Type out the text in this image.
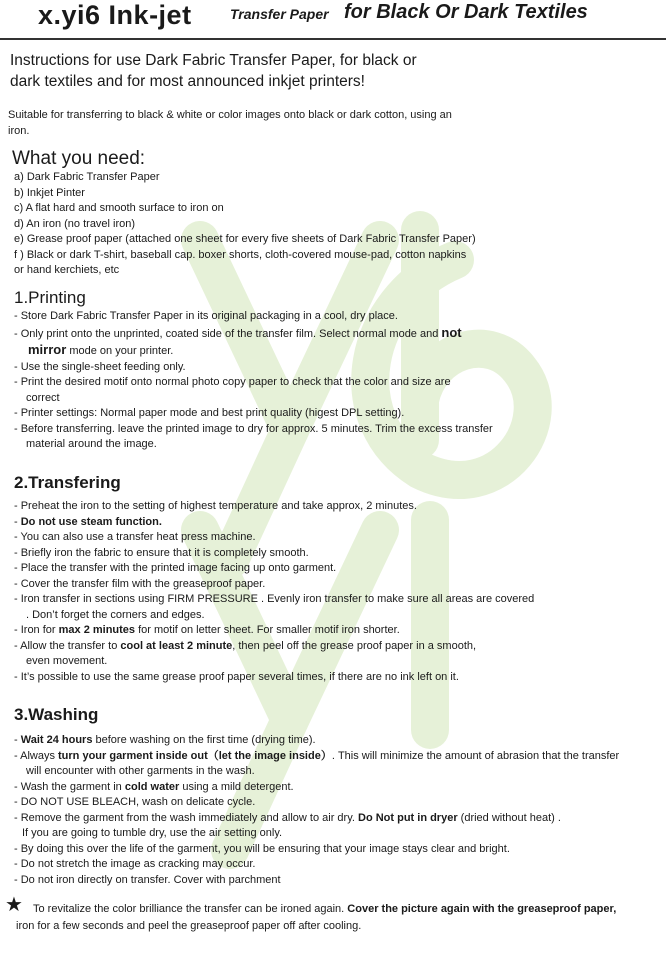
x.yi6 Ink-jet	Transfer Paper for Black Or Dark Textiles
Instructions for use Dark Fabric Transfer Paper, for black or
dark textiles and for most announced inkjet printers!
Suitable for transferring to black & white or color images onto black or dark cotton, using an
iron.
What you need:
a) Dark Fabric Transfer Paper
b) Inkjet Pinter
c) A flat hard and smooth surface to iron on
d) An iron (no travel iron)
e) Grease proof paper (attached one sheet for every five sheets of Dark Fabric Transfer Paper)
f ) Black or dark T-shirt, baseball cap. boxer shorts, cloth-covered mouse-pad, cotton napkins
or hand kerchiets, etc
1.Printing
- Store Dark Fabric Transfer Paper in its original packaging in a cool, dry place.
- Only print onto the unprinted, coated side of the transfer film. Select normal mode and not
mirror mode on your printer.
- Use the single-sheet feeding only.
- Print the desired motif onto normal photo copy paper to check that the color and size are
correct
- Printer settings: Normal paper mode and best print quality (higest DPL setting).
- Before transferring. leave the printed image to dry for approx. 5 minutes. Trim the excess transfer
material around the image.
2.Transfering
- Preheat the iron to the setting of highest temperature and take approx, 2 minutes.
- Do not use steam function.
- You can also use a transfer heat press machine.
- Briefly iron the fabric to ensure that it is completely smooth.
- Place the transfer with the printed image facing up onto garment.
- Cover the transfer film with the greaseproof paper.
- Iron transfer in sections using FIRM PRESSURE . Evenly iron transfer to make sure all areas are covered
. Don’t forget the corners and edges.
- Iron for max 2 minutes for motif on letter sheet. For smaller motif iron shorter.
- Allow the transfer to cool at least 2 minute, then peel off the grease proof paper in a smooth,
even movement.
- It’s possible to use the same grease proof paper several times, if there are no ink left on it.
3.Washing
- Wait 24 hours before washing on the first time (drying time).
- Always turn your garment inside out（let the image inside）. This will minimize the amount of abrasion that the transfer
will encounter with other garments in the wash.
- Wash the garment in cold water using a mild detergent.
- DO NOT USE BLEACH, wash on delicate cycle.
- Remove the garment from the wash immediately and allow to air dry. Do Not put in dryer (dried without heat) .
If you are going to tumble dry, use the air setting only.
- By doing this over the life of the garment, you will be ensuring that your image stays clear and bright.
- Do not stretch the image as cracking may occur.
- Do not iron directly on transfer. Cover with parchment
★ To revitalize the color brilliance the transfer can be ironed again. Cover the picture again with the greaseproof paper,
iron for a few seconds and peel the greaseproof paper off after cooling.
